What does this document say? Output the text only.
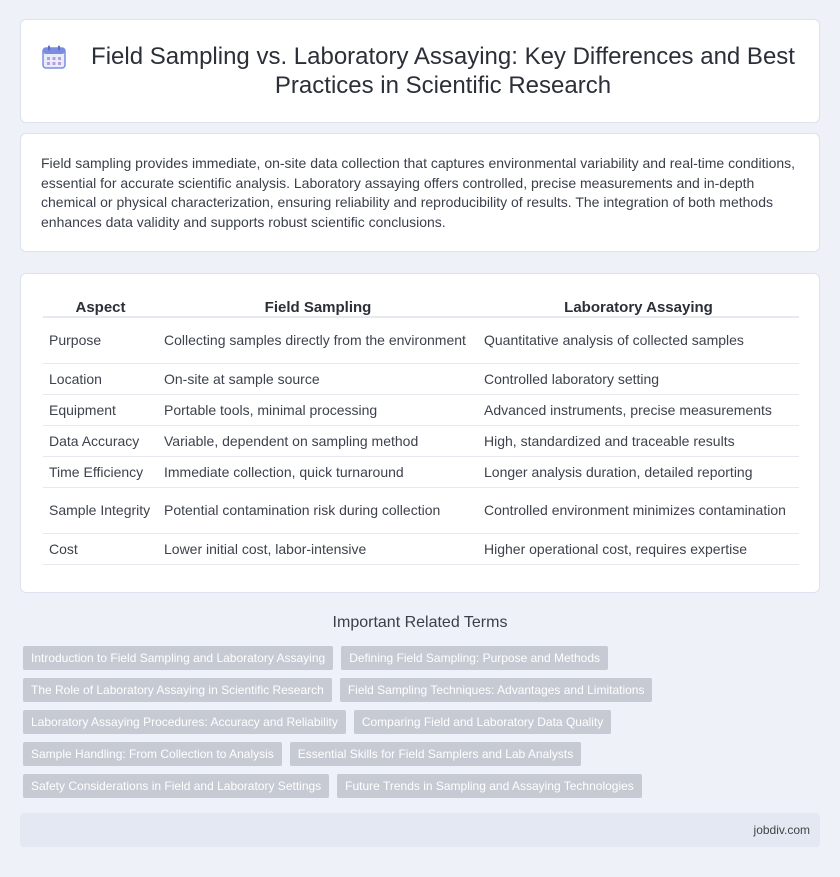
Field Sampling vs. Laboratory Assaying: Key Differences and Best Practices in Scientific Research

Field sampling provides immediate, on-site data collection that captures environmental variability and real-time conditions, essential for accurate scientific analysis. Laboratory assaying offers controlled, precise measurements and in-depth chemical or physical characterization, ensuring reliability and reproducibility of results. The integration of both methods enhances data validity and supports robust scientific conclusions.

Aspect	Field Sampling	Laboratory Assaying
Purpose	Collecting samples directly from the environment	Quantitative analysis of collected samples
Location	On-site at sample source	Controlled laboratory setting
Equipment	Portable tools, minimal processing	Advanced instruments, precise measurements
Data Accuracy	Variable, dependent on sampling method	High, standardized and traceable results
Time Efficiency	Immediate collection, quick turnaround	Longer analysis duration, detailed reporting
Sample Integrity	Potential contamination risk during collection	Controlled environment minimizes contamination
Cost	Lower initial cost, labor-intensive	Higher operational cost, requires expertise
Important Related Terms
Introduction to Field Sampling and Laboratory Assaying	Defining Field Sampling: Purpose and Methods
The Role of Laboratory Assaying in Scientific Research	Field Sampling Techniques: Advantages and Limitations
Laboratory Assaying Procedures: Accuracy and Reliability	Comparing Field and Laboratory Data Quality
Sample Handling: From Collection to Analysis	Essential Skills for Field Samplers and Lab Analysts
Safety Considerations in Field and Laboratory Settings	Future Trends in Sampling and Assaying Technologies
jobdiv.com
